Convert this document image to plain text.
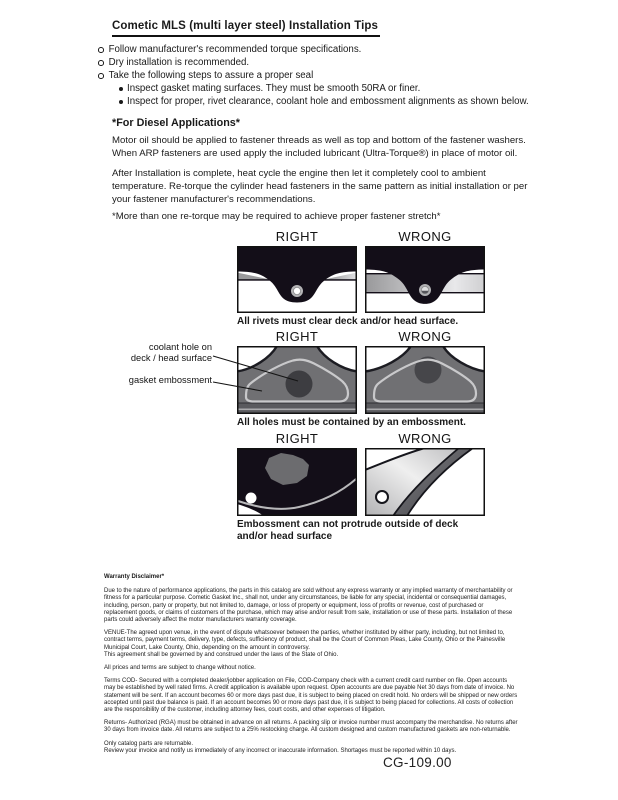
Cometic MLS (multi layer steel) Installation Tips
Follow manufacturer's recommended torque specifications.
Dry installation is recommended.
Take the following steps to assure a proper seal
Inspect gasket mating surfaces. They must be smooth 50RA or finer.
Inspect for proper, rivet clearance, coolant hole and embossment alignments as shown below.
*For Diesel Applications*
Motor oil should be applied to fastener threads as well as top and bottom of the fastener washers. When ARP fasteners are used apply the included lubricant (Ultra-Torque®) in place of motor oil.
After Installation is complete, heat cycle the engine then let it completely cool to ambient temperature. Re-torque the cylinder head fasteners in the same pattern as initial installation or per your fastener manufacturer's recommendations.
*More than one re-torque may be required to achieve proper fastener stretch*
RIGHT	WRONG
All rivets must clear deck and/or head surface.
RIGHT	WRONG
All holes must be contained by an embossment.
coolant hole on
deck / head surface
gasket embossment
RIGHT	WRONG
Embossment can not protrude outside of deck and/or head surface
Warranty Disclaimer*

Due to the nature of performance applications, the parts in this catalog are sold without any express warranty or any implied warranty of merchantability or fitness for a particular purpose. Cometic Gasket Inc., shall not, under any circumstances, be liable for any special, incidental or consequential damages, including, person, party or property, but not limited to, damage, or loss of property or equipment, loss of profits or revenue, cost of purchased or replacement goods, or claims of customers of the purchase, which may arise and/or result from sale, installation or use of these parts. Installation of these parts could adversely affect the motor manufacturers warranty coverage.

VENUE-The agreed upon venue, in the event of dispute whatsoever between the parties, whether instituted by either party, including, but not limited to, contract terms, payment terms, delivery, type, defects, sufficiency of product, shall be the Court of Common Pleas, Lake County, Ohio or the Painesville Municipal Court, Lake County, Ohio, depending on the amount in controversy.

This agreement shall be governed by and construed under the laws of the State of Ohio.

All prices and terms are subject to change without notice.

Terms COD- Secured with a completed dealer/jobber application on File, COD-Company check with a current credit card number on file. Open accounts may be established by well rated firms. A credit application is available upon request. Open accounts are due payable Net 30 days from date of invoice. No statement will be sent. If an account becomes 60 or more days past due, it is subject to being placed on credit hold. No orders will be shipped or new orders accepted until past due balance is paid. If an account becomes 90 or more days past due, it is subject to being placed for collections. All costs of collection are the responsibility of the customer, including attorney fees, court costs, and other expenses of litigation.

Returns- Authorized (RGA) must be obtained in advance on all returns. A packing slip or invoice number must accompany the merchandise. No returns after 30 days from invoice date. All returns are subject to a 25% restocking charge. All custom designed and custom manufactured gaskets are non-returnable.

Only catalog parts are returnable.

Review your invoice and notify us immediately of any incorrect or inaccurate information. Shortages must be reported within 10 days.

CG-109.00
